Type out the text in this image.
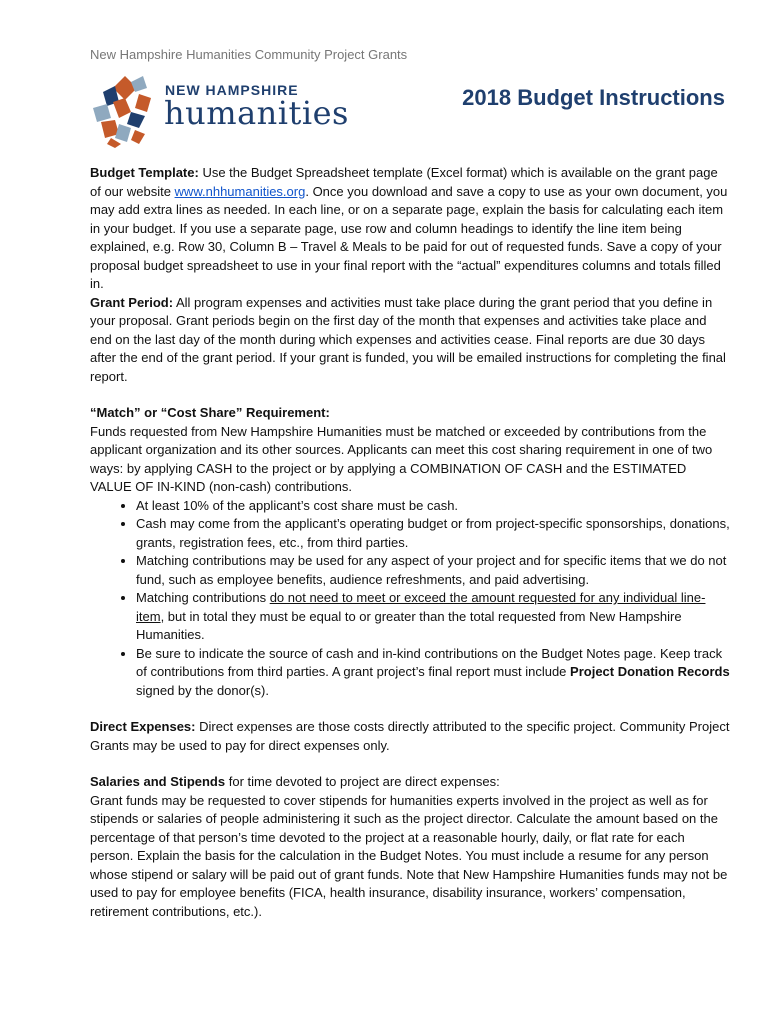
New Hampshire Humanities Community Project Grants
NEW HAMPSHIRE
humanities	2018 Budget Instructions

Budget Template: Use the Budget Spreadsheet template (Excel format) which is available on the grant page of our website www.nhhumanities.org. Once you download and save a copy to use as your own document, you may add extra lines as needed. In each line, or on a separate page, explain the basis for calculating each item in your budget. If you use a separate page, use row and column headings to identify the line item being explained, e.g. Row 30, Column B – Travel & Meals to be paid for out of requested funds. Save a copy of your proposal budget spreadsheet to use in your final report with the “actual” expenditures columns and totals filled in.

Grant Period: All program expenses and activities must take place during the grant period that you define in your proposal. Grant periods begin on the first day of the month that expenses and activities take place and end on the last day of the month during which expenses and activities cease. Final reports are due 30 days after the end of the grant period. If your grant is funded, you will be emailed instructions for completing the final report.

“Match” or “Cost Share” Requirement:

Funds requested from New Hampshire Humanities must be matched or exceeded by contributions from the applicant organization and its other sources. Applicants can meet this cost sharing requirement in one of two ways: by applying CASH to the project or by applying a COMBINATION OF CASH and the ESTIMATED VALUE OF IN-KIND (non-cash) contributions.

• At least 10% of the applicant’s cost share must be cash.
• Cash may come from the applicant’s operating budget or from project-specific sponsorships, donations, grants, registration fees, etc., from third parties.
• Matching contributions may be used for any aspect of your project and for specific items that we do not fund, such as employee benefits, audience refreshments, and paid advertising.
• Matching contributions do not need to meet or exceed the amount requested for any individual line-item, but in total they must be equal to or greater than the total requested from New Hampshire Humanities.
• Be sure to indicate the source of cash and in-kind contributions on the Budget Notes page. Keep track of contributions from third parties. A grant project’s final report must include Project Donation Records signed by the donor(s).

Direct Expenses: Direct expenses are those costs directly attributed to the specific project. Community Project Grants may be used to pay for direct expenses only.

Salaries and Stipends for time devoted to project are direct expenses:

Grant funds may be requested to cover stipends for humanities experts involved in the project as well as for stipends or salaries of people administering it such as the project director. Calculate the amount based on the percentage of that person’s time devoted to the project at a reasonable hourly, daily, or flat rate for each person. Explain the basis for the calculation in the Budget Notes. You must include a resume for any person whose stipend or salary will be paid out of grant funds. Note that New Hampshire Humanities funds may not be used to pay for employee benefits (FICA, health insurance, disability insurance, workers’ compensation, retirement contributions, etc.).
